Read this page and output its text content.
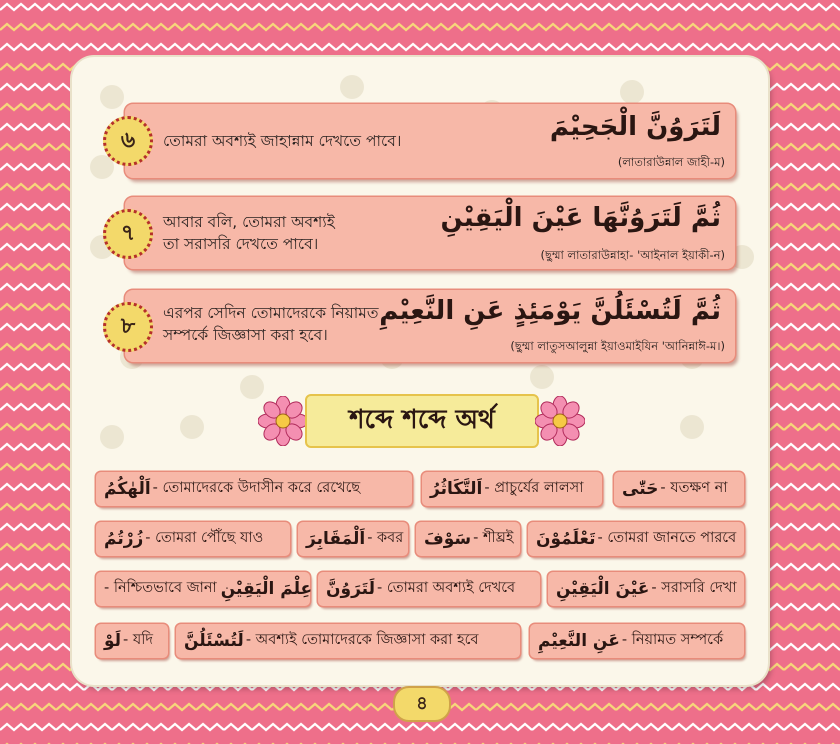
৬ তোমরা অবশ্যই জাহান্নাম দেখতে পাবে।	لَتَرَوُنَّ الْجَحِيْمَ
(লাতারাউন্নাল জাহী-ম)
৭ আবার বলি, তোমরা অবশ্যই
তা সরাসরি দেখতে পাবে।
ثُمَّ لَتَرَوُنَّهَا عَيْنَ الْيَقِيْنِ
(ছুম্মা লাতারাউন্নাহা- 'আইনাল ইয়াকী-ন)
৮
এরপর সেদিন তোমাদেরকে নিয়ামত
সম্পর্কে জিজ্ঞাসা করা হবে।
ثُمَّ لَتُسْئَلُنَّ يَوْمَئِذٍ عَنِ النَّعِيْمِ
(ছুম্মা লাতুসআলুন্না ইয়াওমাইযিন 'আনিন্নাঈ-ম।)
শব্দে শব্দে অর্থ
اَلْهٰكُمُ - তোমাদেরকে উদাসীন করে রেখেছে	اَلتَّكَاثُرُ - প্রাচুর্যের লালসা حَتّٰى - যতক্ষণ না
زُرْتُمُ - তোমরা পৌঁছে যাও	اَلْمَقَابِرَ - কবর سَوْفَ - শীঘ্রই تَعْلَمُوْنَ - তোমরা জানতে পারবে
- নিশ্চিতভাবে জানা عِلْمَ الْيَقِيْنِ لَتَرَوُنَّ - তোমরা অবশ্যই দেখবে عَيْنَ الْيَقِيْنِ - সরাসরি দেখা
لَوْ - যদি لَتُسْئَلُنَّ - অবশ্যই তোমাদেরকে জিজ্ঞাসা করা হবে	عَنِ النَّعِيْمِ - নিয়ামত সম্পর্কে
৪
